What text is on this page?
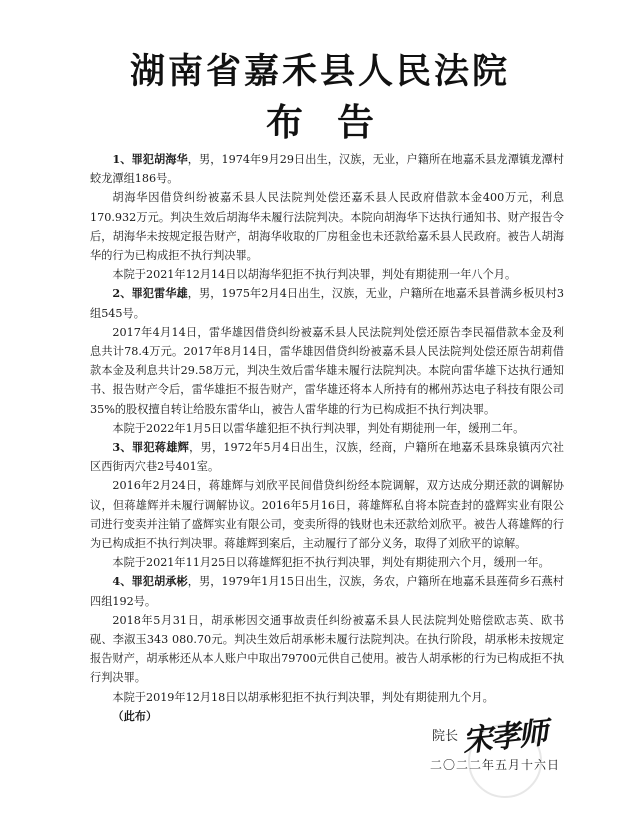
湖南省嘉禾县人民法院
布告

1、罪犯胡海华，男，1974年9月29日出生，汉族，无业，户籍所在地嘉禾县龙潭镇龙潭村蛟龙潭组186号。

胡海华因借贷纠纷被嘉禾县人民法院判处偿还嘉禾县人民政府借款本金400万元，利息170.932万元。判决生效后胡海华未履行法院判决。本院向胡海华下达执行通知书、财产报告令后，胡海华未按规定报告财产，胡海华收取的厂房租金也未还款给嘉禾县人民政府。被告人胡海华的行为已构成拒不执行判决罪。

本院于2021年12月14日以胡海华犯拒不执行判决罪，判处有期徒刑一年八个月。

2、罪犯雷华雄，男，1975年2月4日出生，汉族，无业，户籍所在地嘉禾县普满乡板贝村3组545号。

2017年4月14日，雷华雄因借贷纠纷被嘉禾县人民法院判处偿还原告李民福借款本金及利息共计78.4万元。2017年8月14日，雷华雄因借贷纠纷被嘉禾县人民法院判处偿还原告胡莉借款本金及利息共计29.58万元，判决生效后雷华雄未履行法院判决。本院向雷华雄下达执行通知书、报告财产令后，雷华雄拒不报告财产，雷华雄还将本人所持有的郴州苏达电子科技有限公司35%的股权擅自转让给股东雷华山，被告人雷华雄的行为已构成拒不执行判决罪。

本院于2022年1月5日以雷华雄犯拒不执行判决罪，判处有期徒刑一年，缓刑二年。

3、罪犯蒋雄辉，男，1972年5月4日出生，汉族，经商，户籍所在地嘉禾县珠泉镇丙穴社区西街丙穴巷2号401室。

2016年2月24日，蒋雄辉与刘欣平民间借贷纠纷经本院调解，双方达成分期还款的调解协议，但蒋雄辉并未履行调解协议。2016年5月16日，蒋雄辉私自将本院查封的盛辉实业有限公司进行变卖并注销了盛辉实业有限公司，变卖所得的钱财也未还款给刘欣平。被告人蒋雄辉的行为已构成拒不执行判决罪。蒋雄辉到案后，主动履行了部分义务，取得了刘欣平的谅解。

本院于2021年11月25日以蒋雄辉犯拒不执行判决罪，判处有期徒刑六个月，缓刑一年。

4、罪犯胡承彬，男，1979年1月15日出生，汉族，务农，户籍所在地嘉禾县莲荷乡石燕村四组192号。

2018年5月31日，胡承彬因交通事故责任纠纷被嘉禾县人民法院判处赔偿欧志英、欧书砚、李淑玉343 080.70元。判决生效后胡承彬未履行法院判决。在执行阶段，胡承彬未按规定报告财产，胡承彬还从本人账户中取出79700元供自己使用。被告人胡承彬的行为已构成拒不执行判决罪。

本院于2019年12月18日以胡承彬犯拒不执行判决罪，判处有期徒刑九个月。

（此布）

院长 宋孝师
二〇二二年五月十六日
